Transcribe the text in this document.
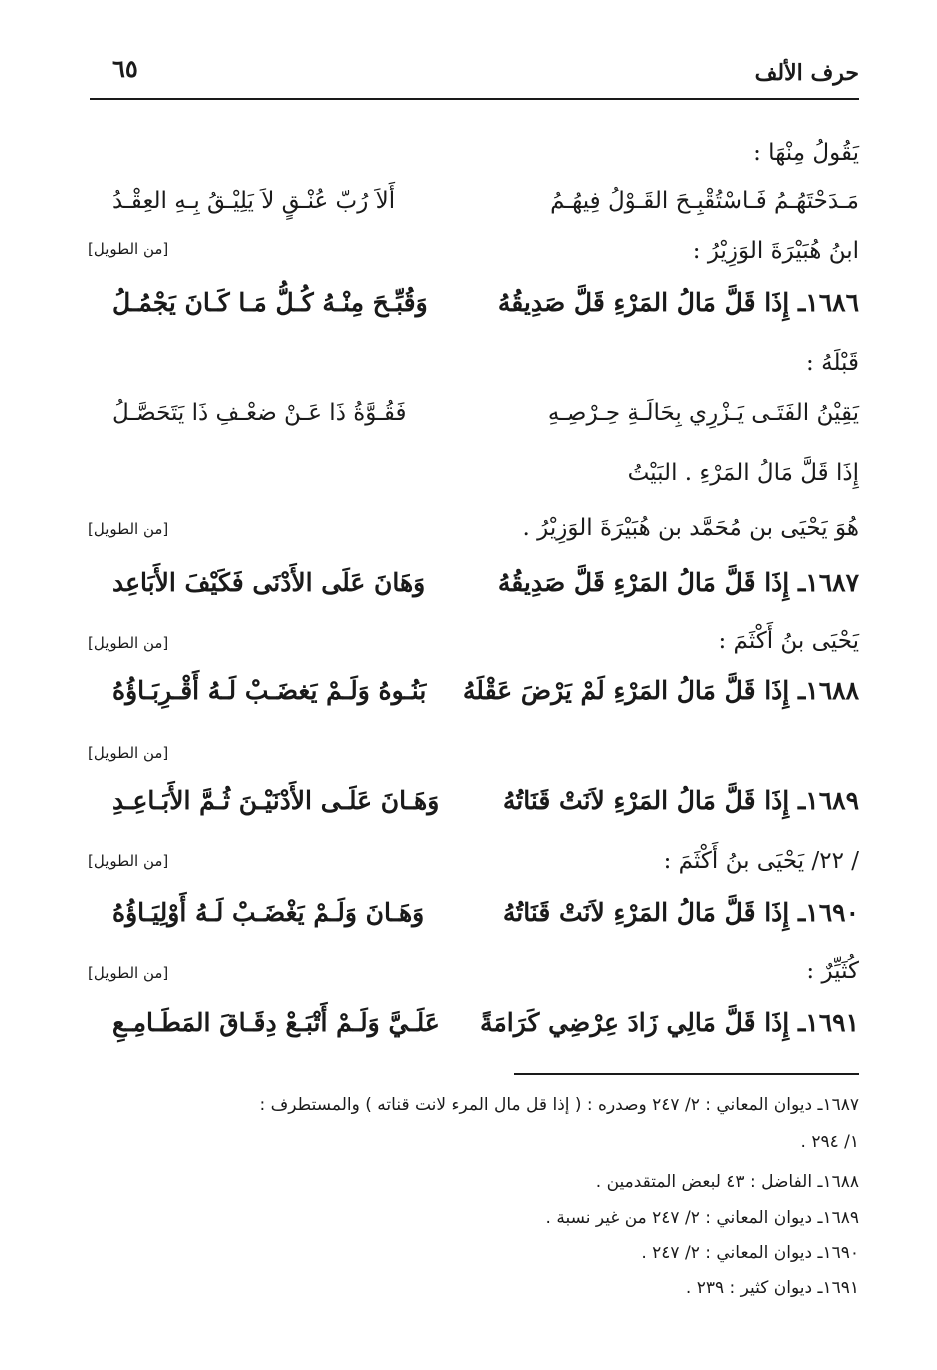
حرف الألف
٦٥
يَقُولُ مِنْهَا :
مَـدَحْتَهُـمُ فَـاسْتُقْبِـحَ القَـوْلُ فِيهُـمُ
أَلاَ رُبّ عُنْـقٍ لاَ يَلِيْـقُ بِـهِ العِقْـدُ
ابنُ هُبَيْرَةَ الوَزِيْرُ :
[من الطويل]
١٦٨٦ـ إِذَا قَلَّ مَالُ المَرْءِ قَلَّ صَدِيقُهُ
وَقُبِّـحَ مِنْـهُ كُـلُّ مَـا كَـانَ يَجْمُـلُ
قَبْلَهُ :
يَقِيْنُ الفَتَـى يَـزْرِي بِحَالَـةِ حِـرْصِـهِ
فَقُـوَّةُ ذَا عَـنْ ضعْـفِ ذَا يَتَحَصَّـلُ
إِذَا قَلَّ مَالُ المَرْءِ . البَيْتُ
هُوَ يَحْيَى بن مُحَمَّد بن هُبَيْرَةَ الوَزِيْرُ .
[من الطويل]
١٦٨٧ـ إِذَا قَلَّ مَالُ المَرْءِ قَلَّ صَدِيقُهُ
وَهَانَ عَلَى الأَدْنَى فَكَيْفَ الأَبَاعِد
يَحْيَى بنُ أَكْثَمَ :
[من الطويل]
١٦٨٨ـ إِذَا قَلَّ مَالُ المَرْءِ لَمْ يَرْضَ عَقْلَهُ
بَنُـوهُ وَلَـمْ يَغضَـبْ لَـهُ أَقْـرِبَـاؤُهُ
[من الطويل]
١٦٨٩ـ إِذَا قَلَّ مَالُ المَرْءِ لاَنَتْ قَنَاتُهُ
وَهَـانَ عَلَـى الأَدْنَيْـنَ ثُـمَّ الأَبَـاعِـدِ
/ ٢٢/ يَحْيَى بنُ أَكْثَمَ :
[من الطويل]
١٦٩٠ـ إِذَا قَلَّ مَالُ المَرْءِ لاَنَتْ قَنَاتُهُ
وَهَـانَ وَلَـمْ يَغْضَـبْ لَـهُ أَوْلِيَـاؤُهُ
كُثَيِّرٌ :
[من الطويل]
١٦٩١ـ إِذَا قَلَّ مَالِي زَادَ عِرْضِي كَرَامَةً
عَلَـيَّ وَلَـمْ أَتْبَـعْ دِقَـاقَ المَطَـامِـعِ
١٦٨٧ـ ديوان المعاني : ٢/ ٢٤٧ وصدره : ( إذا قل مال المرء لانت قناته ) والمستطرف :
١/ ٢٩٤ .
١٦٨٨ـ الفاضل : ٤٣ لبعض المتقدمين .
١٦٨٩ـ ديوان المعاني : ٢/ ٢٤٧ من غير نسبة .
١٦٩٠ـ ديوان المعاني : ٢/ ٢٤٧ .
١٦٩١ـ ديوان كثير : ٢٣٩ .
